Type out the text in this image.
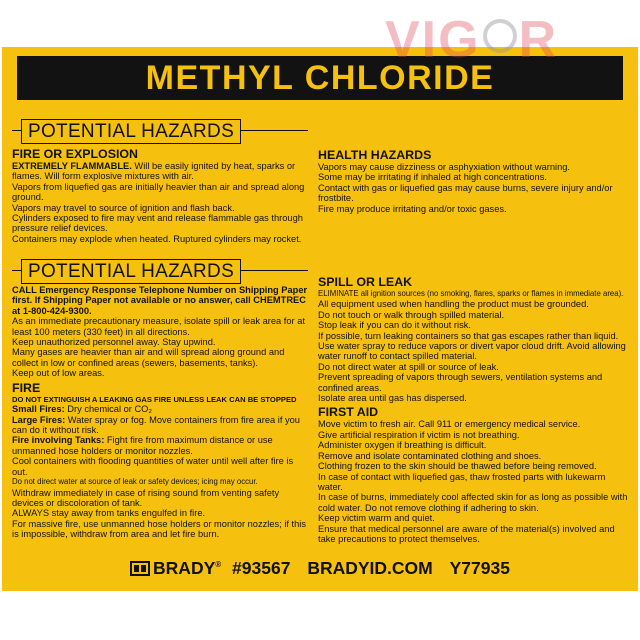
METHYL CHLORIDE
POTENTIAL HAZARDS

FIRE OR EXPLOSION

EXTREMELY FLAMMABLE. Will be easily ignited by heat, sparks or flames. Will form explosive mixtures with air.

Vapors from liquefied gas are initially heavier than air and spread along ground.

Vapors may travel to source of ignition and flash back.

Cylinders exposed to fire may vent and release flammable gas through pressure relief devices.

Containers may explode when heated. Ruptured cylinders may rocket.

HEALTH HAZARDS

Vapors may cause dizziness or asphyxiation without warning.

Some may be irritating if inhaled at high concentrations.

Contact with gas or liquefied gas may cause burns, severe injury and/or frostbite.

Fire may produce irritating and/or toxic gases.

POTENTIAL HAZARDS

CALL Emergency Response Telephone Number on Shipping Paper first. If Shipping Paper not available or no answer, call CHEMTREC at 1-800-424-9300.

As an immediate precautionary measure, isolate spill or leak area for at least 100 meters (330 feet) in all directions.

Keep unauthorized personnel away. Stay upwind.

Many gases are heavier than air and will spread along ground and collect in low or confined areas (sewers, basements, tanks).

Keep out of low areas.

FIRE

DO NOT EXTINGUISH A LEAKING GAS FIRE UNLESS LEAK CAN BE STOPPED

Small Fires: Dry chemical or CO₂

Large Fires: Water spray or fog. Move containers from fire area if you can do it without risk.

Fire involving Tanks: Fight fire from maximum distance or use unmanned hose holders or monitor nozzles.

Cool containers with flooding quantities of water until well after fire is out.

Do not direct water at source of leak or safety devices; icing may occur.

Withdraw immediately in case of rising sound from venting safety devices or discoloration of tank.

ALWAYS stay away from tanks engulfed in fire.

For massive fire, use unmanned hose holders or monitor nozzles; if this is impossible, withdraw from area and let fire burn.

SPILL OR LEAK

ELIMINATE all ignition sources (no smoking, flares, sparks or flames in immediate area).

All equipment used when handling the product must be grounded.

Do not touch or walk through spilled material.

Stop leak if you can do it without risk.

If possible, turn leaking containers so that gas escapes rather than liquid.

Use water spray to reduce vapors or divert vapor cloud drift. Avoid allowing water runoff to contact spilled material.

Do not direct water at spill or source of leak.

Prevent spreading of vapors through sewers, ventilation systems and confined areas.

Isolate area until gas has dispersed.

FIRST AID

Move victim to fresh air. Call 911 or emergency medical service.

Give artificial respiration if victim is not breathing.

Administer oxygen if breathing is difficult.

Remove and isolate contaminated clothing and shoes.

Clothing frozen to the skin should be thawed before being removed.

In case of contact with liquefied gas, thaw frosted parts with lukewarm water.

In case of burns, immediately cool affected skin for as long as possible with cold water. Do not remove clothing if adhering to skin.

Keep victim warm and quiet.

Ensure that medical personnel are aware of the material(s) involved and take precautions to protect themselves.

BRADY® #93567 BRADYID.COM Y77935
VIG R
